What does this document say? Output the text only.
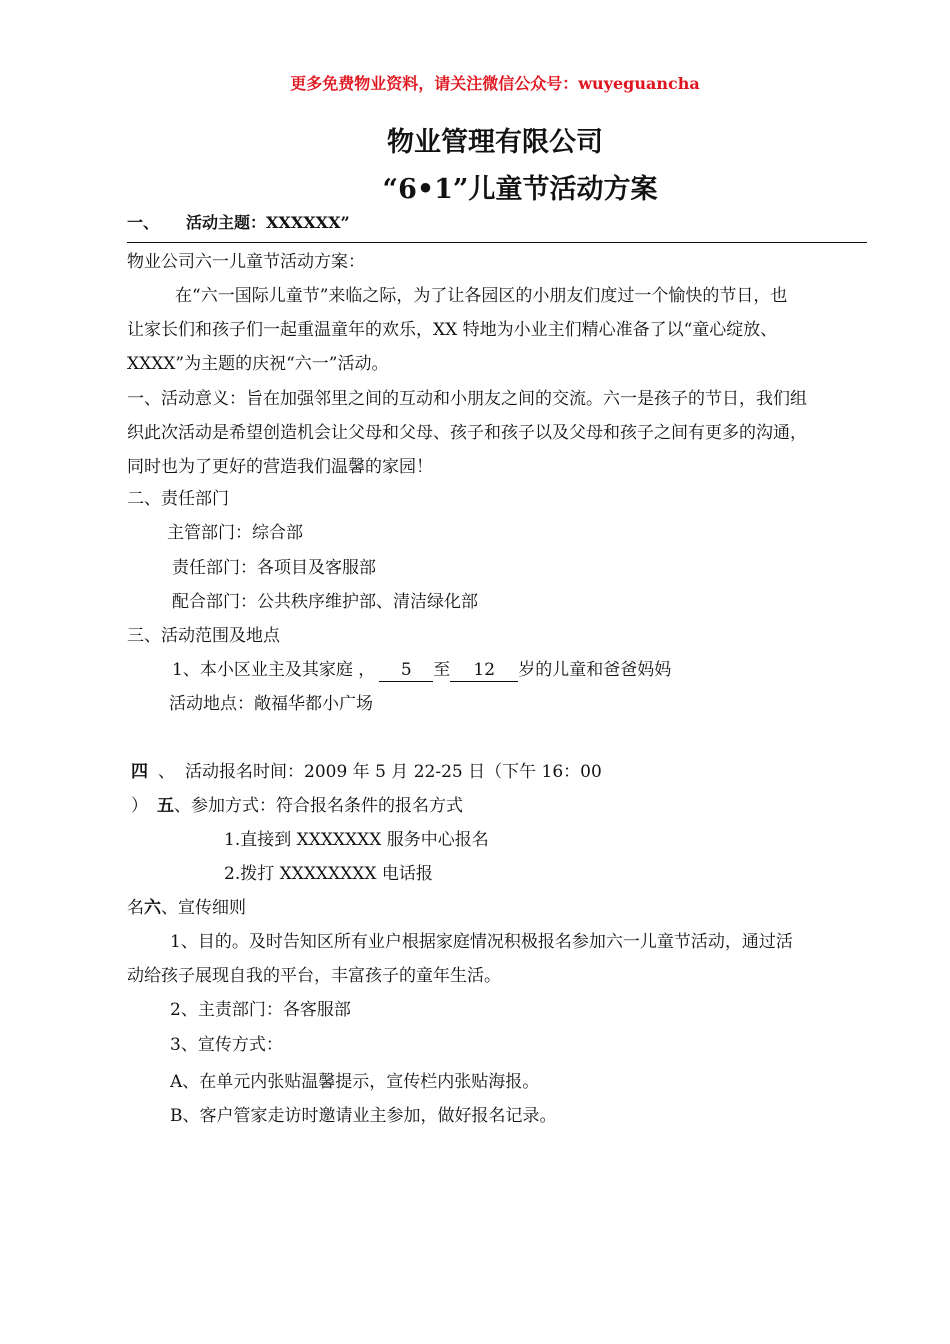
更多免费物业资料，请关注微信公众号：wuyeguancha
物业管理有限公司
“6•1”儿童节活动方案
一、 活动主题：XXXXXX”
物业公司六一儿童节活动方案：
在“六一国际儿童节”来临之际，为了让各园区的小朋友们度过一个愉快的节日，也
让家长们和孩子们一起重温童年的欢乐，XX 特地为小业主们精心准备了以“童心绽放、
XXXX”为主题的庆祝“六一”活动。
一、活动意义：旨在加强邻里之间的互动和小朋友之间的交流。六一是孩子的节日，我们组
织此次活动是希望创造机会让父母和父母、孩子和孩子以及父母和孩子之间有更多的沟通，
同时也为了更好的营造我们温馨的家园！
二、责任部门
主管部门：综合部
责任部门：各项目及客服部
配合部门：公共秩序维护部、清洁绿化部
三、活动范围及地点
1、本小区业主及其家庭 ， 5 至 12 岁的儿童和爸爸妈妈
活动地点：敞福华都小广场
四 、 活动报名时间：2009 年 5 月 22-25 日（下午 16：00
） 五、参加方式：符合报名条件的报名方式
1.直接到 XXXXXXX 服务中心报名
2.拨打 XXXXXXXX 电话报
名六、宣传细则
1、目的。及时告知区所有业户根据家庭情况积极报名参加六一儿童节活动，通过活
动给孩子展现自我的平台，丰富孩子的童年生活。
2、主责部门：各客服部
3、宣传方式：
A、在单元内张贴温馨提示，宣传栏内张贴海报。
B、客户管家走访时邀请业主参加，做好报名记录。
